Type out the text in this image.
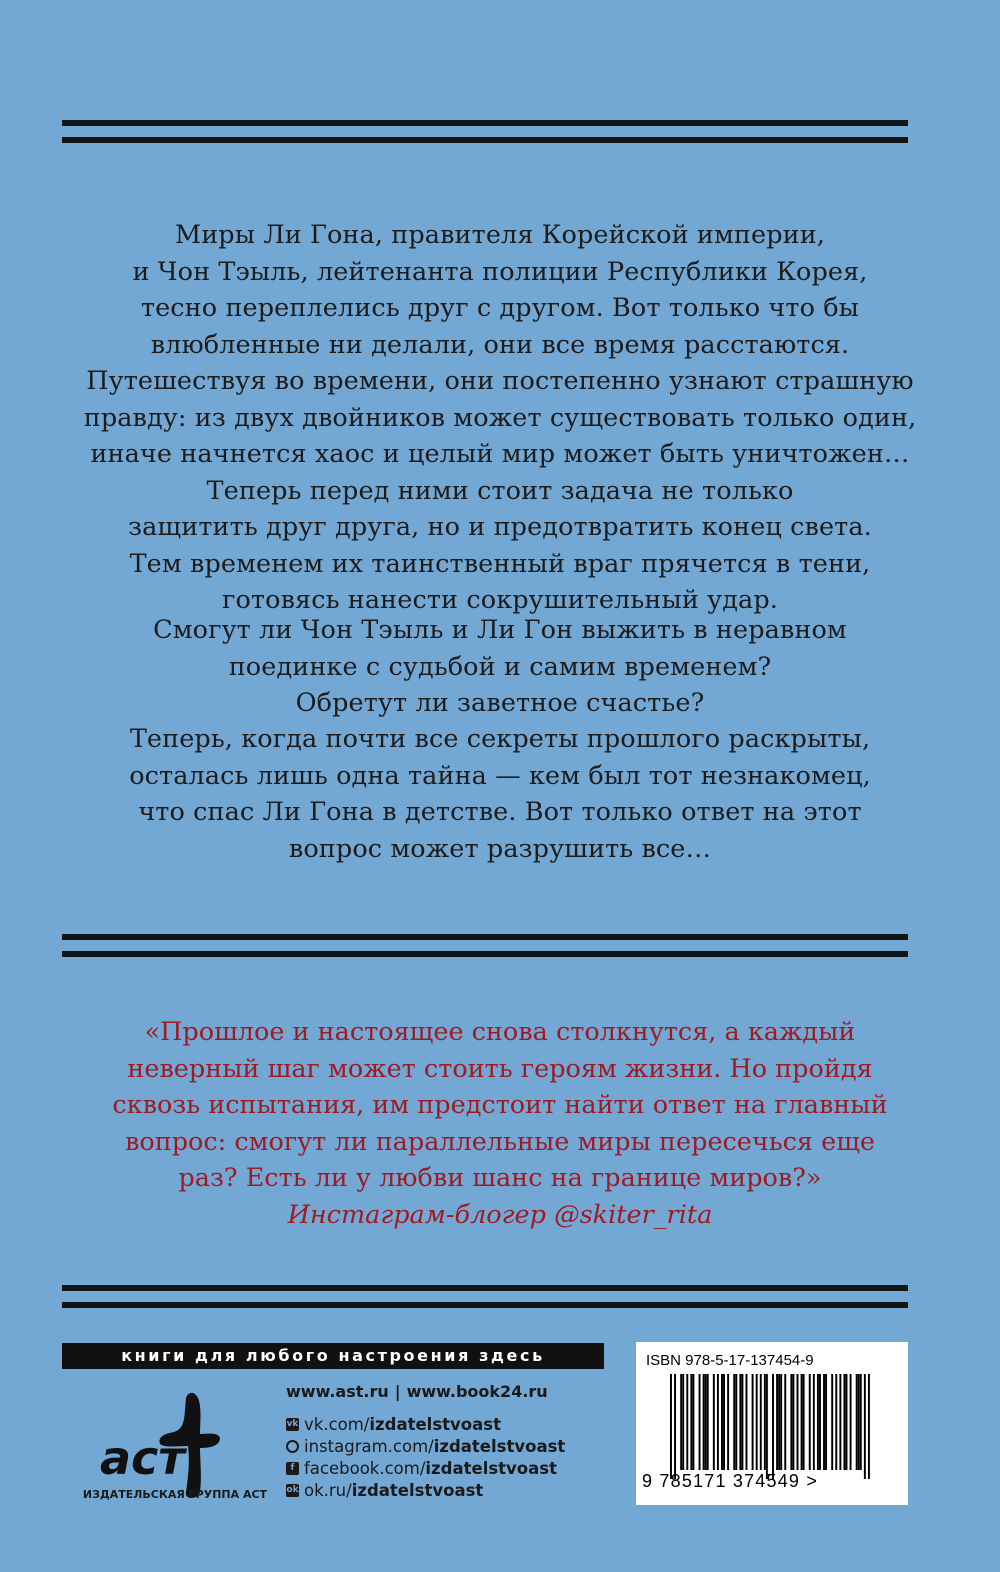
Миры Ли Гона, правителя Корейской империи,
и Чон Тэыль, лейтенанта полиции Республики Корея,
тесно переплелись друг с другом. Вот только что бы
влюбленные ни делали, они все время расстаются.
Путешествуя во времени, они постепенно узнают страшную
правду: из двух двойников может существовать только один,
иначе начнется хаос и целый мир может быть уничтожен…
Теперь перед ними стоит задача не только
защитить друг друга, но и предотвратить конец света.
Тем временем их таинственный враг прячется в тени,
готовясь нанести сокрушительный удар.
Смогут ли Чон Тэыль и Ли Гон выжить в неравном
поединке с судьбой и самим временем?
Обретут ли заветное счастье?
Теперь, когда почти все секреты прошлого раскрыты,
осталась лишь одна тайна — кем был тот незнакомец,
что спас Ли Гона в детстве. Вот только ответ на этот
вопрос может разрушить все…
«Прошлое и настоящее снова столкнутся, а каждый
неверный шаг может стоить героям жизни. Но пройдя
сквозь испытания, им предстоит найти ответ на главный
вопрос: смогут ли параллельные миры пересечься еще
раз? Есть ли у любви шанс на границе миров?»
Инстаграм-блогер @skiter_rita
книги для любого настроения здесь
аст
ИЗДАТЕЛЬСКАЯ ГРУППА АСТ
www.ast.ru | www.book24.ru
vk vk.com/ izdatelstvoast
instagram.com/ izdatelstvoast
f facebook.com/ izdatelstvoast
ok ok.ru/ izdatelstvoast
ISBN 978-5-17-137454-9
9 785171 374549 >
